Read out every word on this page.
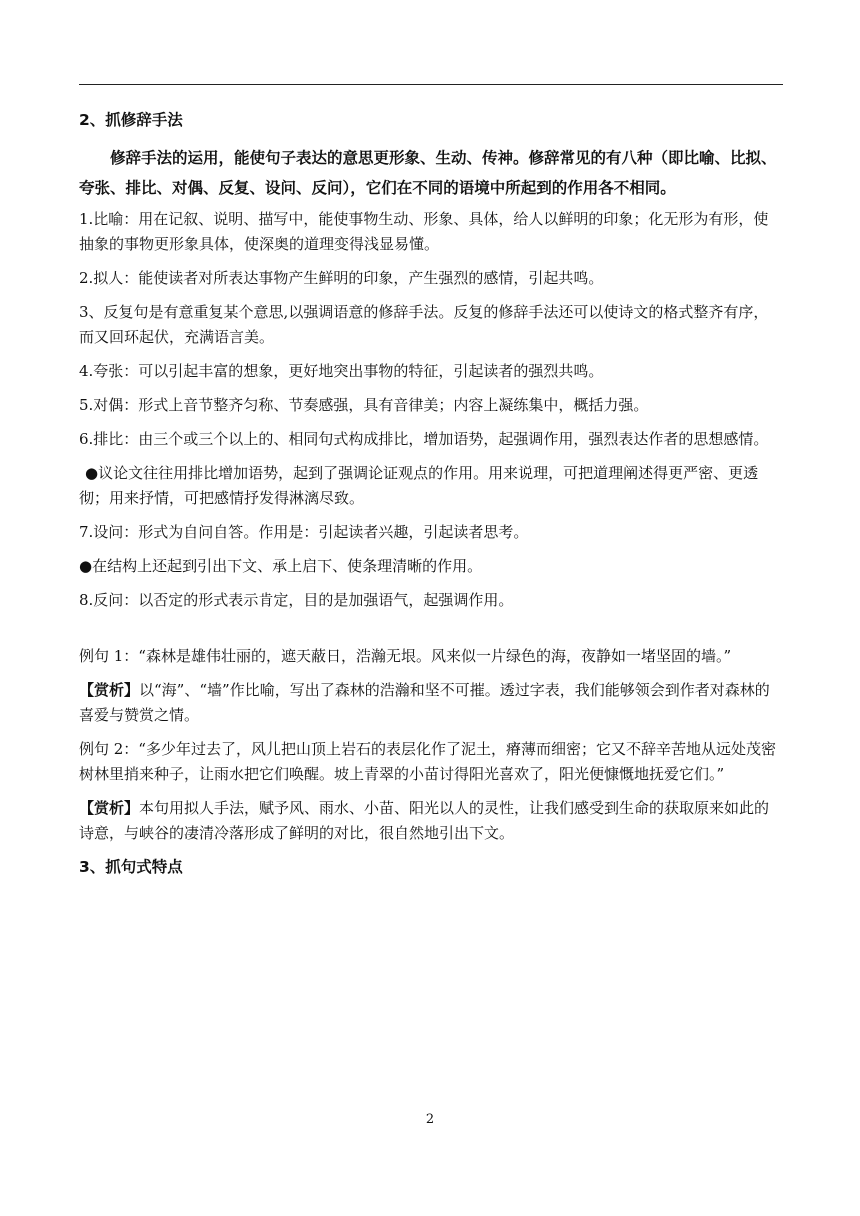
2、抓修辞手法

修辞手法的运用，能使句子表达的意思更形象、生动、传神。修辞常见的有八种（即比喻、比拟、夸张、排比、对偶、反复、设问、反问），它们在不同的语境中所起到的作用各不相同。

1.比喻：用在记叙、说明、描写中，能使事物生动、形象、具体，给人以鲜明的印象；化无形为有形，使抽象的事物更形象具体，使深奥的道理变得浅显易懂。

2.拟人：能使读者对所表达事物产生鲜明的印象，产生强烈的感情，引起共鸣。

3、反复句是有意重复某个意思,以强调语意的修辞手法。反复的修辞手法还可以使诗文的格式整齐有序，而又回环起伏，充满语言美。

4.夸张：可以引起丰富的想象，更好地突出事物的特征，引起读者的强烈共鸣。

5.对偶：形式上音节整齐匀称、节奏感强，具有音律美；内容上凝练集中，概括力强。

6.排比：由三个或三个以上的、相同句式构成排比，增加语势，起强调作用，强烈表达作者的思想感情。

●议论文往往用排比增加语势，起到了强调论证观点的作用。用来说理，可把道理阐述得更严密、更透彻；用来抒情，可把感情抒发得淋漓尽致。

7.设问：形式为自问自答。作用是：引起读者兴趣，引起读者思考。

●在结构上还起到引出下文、承上启下、使条理清晰的作用。

8.反问：以否定的形式表示肯定，目的是加强语气，起强调作用。

例句 1：“森林是雄伟壮丽的，遮天蔽日，浩瀚无垠。风来似一片绿色的海，夜静如一堵坚固的墙。”

【赏析】以“海”、“墙”作比喻，写出了森林的浩瀚和坚不可摧。透过字表，我们能够领会到作者对森林的喜爱与赞赏之情。

例句 2：“多少年过去了，风儿把山顶上岩石的表层化作了泥土，瘠薄而细密；它又不辞辛苦地从远处茂密树林里捎来种子，让雨水把它们唤醒。坡上青翠的小苗讨得阳光喜欢了，阳光便慷慨地抚爱它们。”

【赏析】本句用拟人手法，赋予风、雨水、小苗、阳光以人的灵性，让我们感受到生命的获取原来如此的诗意，与峡谷的凄清冷落形成了鲜明的对比，很自然地引出下文。

3、抓句式特点

2
